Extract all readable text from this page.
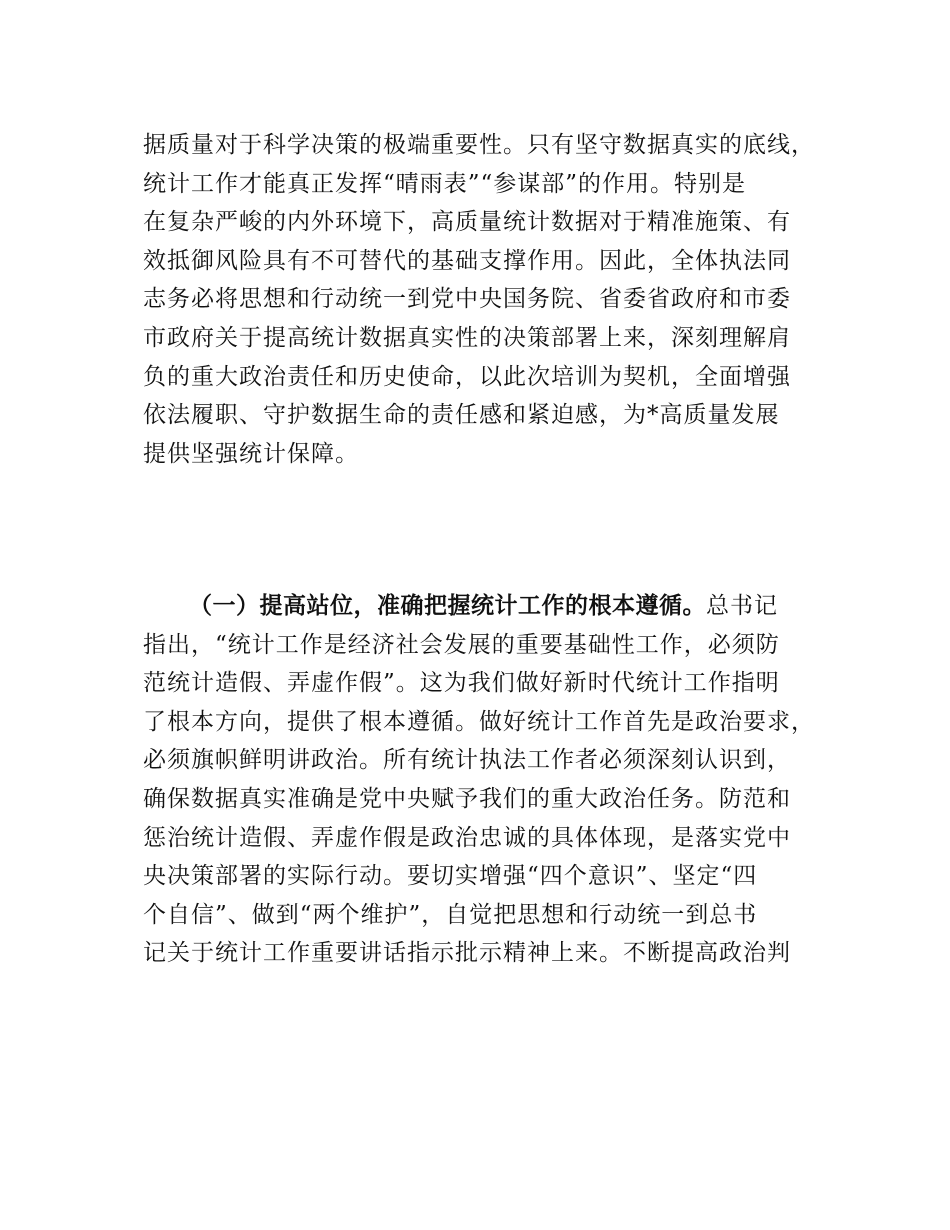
据质量对于科学决策的极端重要性。只有坚守数据真实的底线，
统计工作才能真正发挥“晴雨表”“参谋部”的作用。特别是
在复杂严峻的内外环境下，高质量统计数据对于精准施策、有
效抵御风险具有不可替代的基础支撑作用。因此，全体执法同
志务必将思想和行动统一到党中央国务院、省委省政府和市委
市政府关于提高统计数据真实性的决策部署上来，深刻理解肩
负的重大政治责任和历史使命，以此次培训为契机，全面增强
依法履职、守护数据生命的责任感和紧迫感，为*高质量发展
提供坚强统计保障。
（一）提高站位，准确把握统计工作的根本遵循。总书记
指出，“统计工作是经济社会发展的重要基础性工作，必须防
范统计造假、弄虚作假”。这为我们做好新时代统计工作指明
了根本方向，提供了根本遵循。做好统计工作首先是政治要求，
必须旗帜鲜明讲政治。所有统计执法工作者必须深刻认识到，
确保数据真实准确是党中央赋予我们的重大政治任务。防范和
惩治统计造假、弄虚作假是政治忠诚的具体体现，是落实党中
央决策部署的实际行动。要切实增强“四个意识”、坚定“四
个自信”、做到“两个维护”，自觉把思想和行动统一到总书
记关于统计工作重要讲话指示批示精神上来。不断提高政治判
